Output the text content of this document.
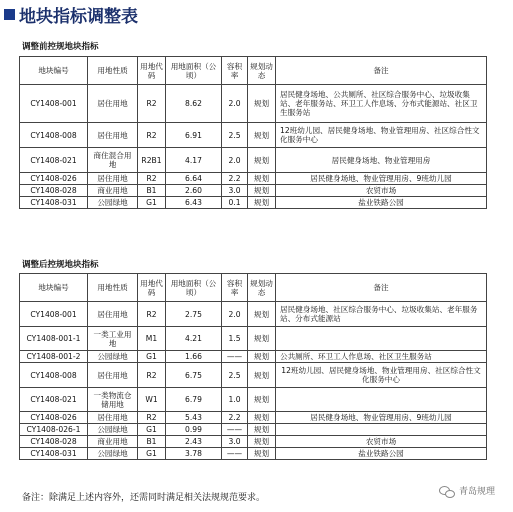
地块指标调整表
调整前控规地块指标
地块编号	用地性质	用地代码	用地面积（公顷）	容积率	规划动态	备注
CY1408-001	居住用地	R2	8.62	2.0	规划	居民健身场地、公共厕所、社区综合服务中心、垃圾收集站、老年服务站、环卫工人作息场、分布式能源站、社区卫生服务站
CY1408-008	居住用地	R2	6.91	2.5	规划	12班幼儿园、居民健身场地、物业管理用房、社区综合性文化服务中心
CY1408-021	商住混合用地	R2B1	4.17	2.0	规划	居民健身场地、物业管理用房
CY1408-026	居住用地	R2	6.64	2.2	规划	居民健身场地、物业管理用房、9班幼儿园
CY1408-028	商业用地	B1	2.60	3.0	规划	农贸市场
CY1408-031	公园绿地	G1	6.43	0.1	规划	盐业铁路公园
调整后控规地块指标
地块编号	用地性质	用地代码	用地面积（公顷）	容积率	规划动态	备注
CY1408-001	居住用地	R2	2.75	2.0	规划	居民健身场地、社区综合服务中心、垃圾收集站、老年服务站、分布式能源站
CY1408-001-1	一类工业用地	M1	4.21	1.5	规划	
CY1408-001-2	公园绿地	G1	1.66	——	规划	公共厕所、环卫工人作息场、社区卫生服务站
CY1408-008	居住用地	R2	6.75	2.5	规划	12班幼儿园、居民健身场地、物业管理用房、社区综合性文化服务中心
CY1408-021	一类物流仓储用地	W1	6.79	1.0	规划	
CY1408-026	居住用地	R2	5.43	2.2	规划	居民健身场地、物业管理用房、9班幼儿园
CY1408-026-1	公园绿地	G1	0.99	——	规划	
CY1408-028	商业用地	B1	2.43	3.0	规划	农贸市场
CY1408-031	公园绿地	G1	3.78	——	规划	盐业铁路公园
备注：除满足上述内容外，还需同时满足相关法规规范要求。
青岛规理
